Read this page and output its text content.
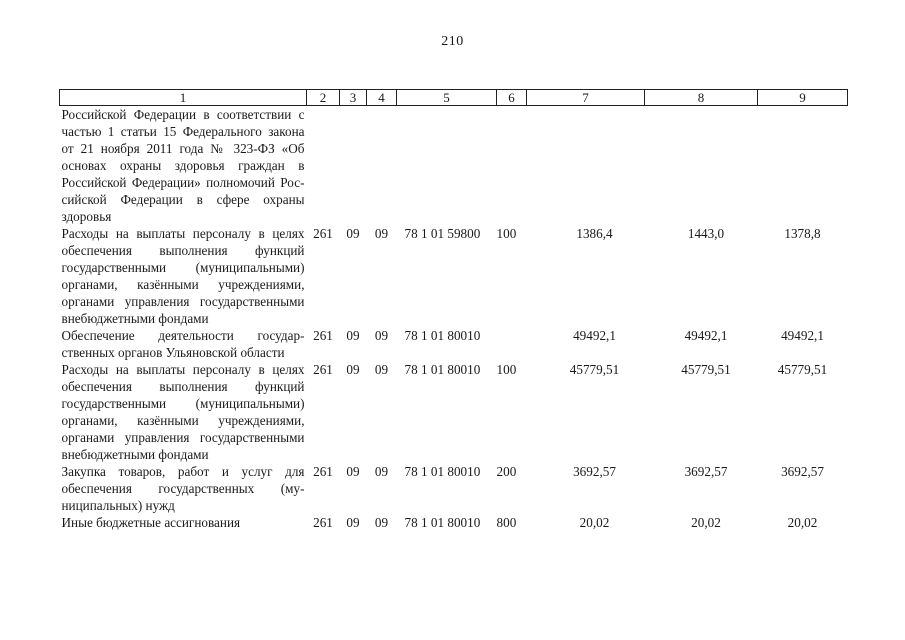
210
1	2	3	4	5	6	7	8	9
Российской Федерации в соответствии с частью 1 статьи 15 Федерального закона от 21 ноября 2011 года № 323-ФЗ «Об основах охраны здоровья граждан в Российской Федерации» полномочий Российской Федерации в сфере охраны здоровья								
Расходы на выплаты персоналу в целях обеспечения выполнения функций государственными (муниципальными) органами, казёнными учреждениями, органами управления государственными внебюджетными фондами	261	09	09	78 1 01 59800	100	1386,4	1443,0	1378,8
Обеспечение деятельности государственных органов Ульяновской области	261	09	09	78 1 01 80010		49492,1	49492,1	49492,1
Расходы на выплаты персоналу в целях обеспечения выполнения функций государственными (муниципальными) органами, казёнными учреждениями, органами управления государственными внебюджетными фондами	261	09	09	78 1 01 80010	100	45779,51	45779,51	45779,51
Закупка товаров, работ и услуг для обеспечения государственных (муниципальных) нужд	261	09	09	78 1 01 80010	200	3692,57	3692,57	3692,57
Иные бюджетные ассигнования	261	09	09	78 1 01 80010	800	20,02	20,02	20,02
